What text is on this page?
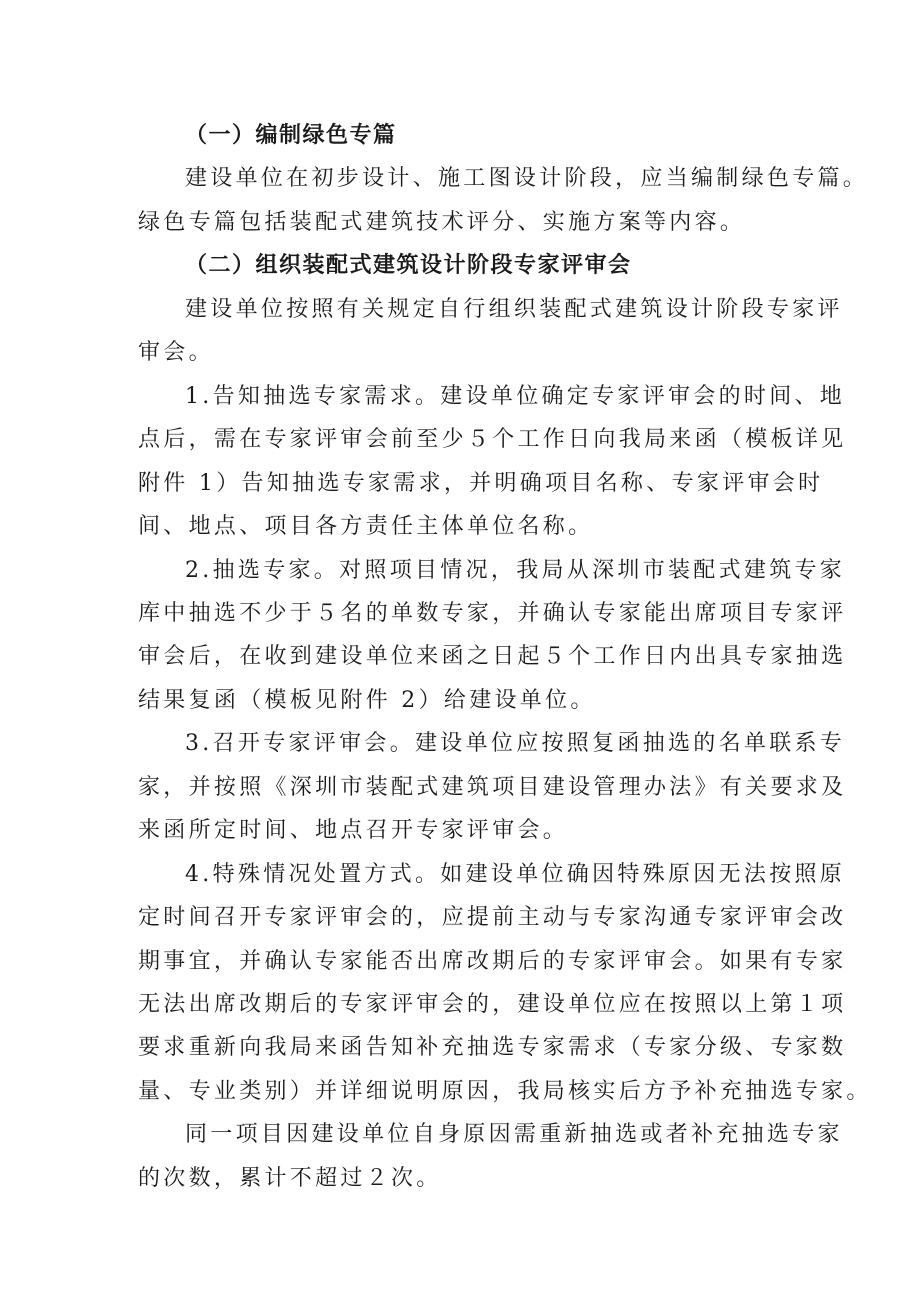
（一）编制绿色专篇
建设单位在初步设计、施工图设计阶段，应当编制绿色专篇。
绿色专篇包括装配式建筑技术评分、实施方案等内容。
（二）组织装配式建筑设计阶段专家评审会
建设单位按照有关规定自行组织装配式建筑设计阶段专家评
审会。
1.告知抽选专家需求。建设单位确定专家评审会的时间、地
点后，需在专家评审会前至少５个工作日向我局来函（模板详见
附件 1）告知抽选专家需求，并明确项目名称、专家评审会时
间、地点、项目各方责任主体单位名称。
2.抽选专家。对照项目情况，我局从深圳市装配式建筑专家
库中抽选不少于５名的单数专家，并确认专家能出席项目专家评
审会后，在收到建设单位来函之日起５个工作日内出具专家抽选
结果复函（模板见附件 2）给建设单位。
3.召开专家评审会。建设单位应按照复函抽选的名单联系专
家，并按照《深圳市装配式建筑项目建设管理办法》有关要求及
来函所定时间、地点召开专家评审会。
4.特殊情况处置方式。如建设单位确因特殊原因无法按照原
定时间召开专家评审会的，应提前主动与专家沟通专家评审会改
期事宜，并确认专家能否出席改期后的专家评审会。如果有专家
无法出席改期后的专家评审会的，建设单位应在按照以上第１项
要求重新向我局来函告知补充抽选专家需求（专家分级、专家数
量、专业类别）并详细说明原因，我局核实后方予补充抽选专家。
同一项目因建设单位自身原因需重新抽选或者补充抽选专家
的次数，累计不超过２次。
